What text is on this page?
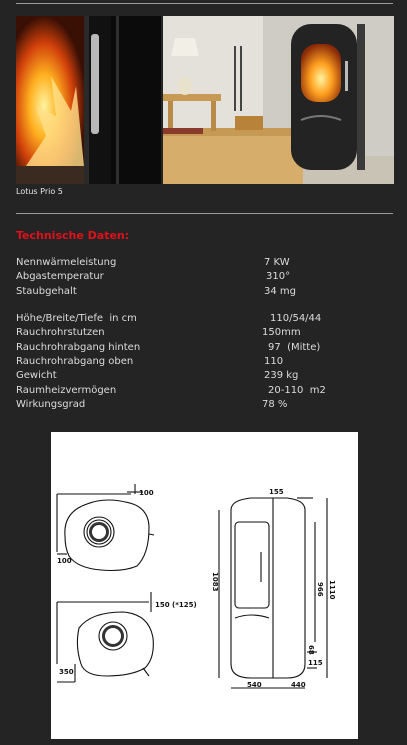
Lotus Prio 5
Technische Daten:
Nennwärmeleistung	7 KW
Abgastemperatur	310°
Staubgehalt	34 mg
Höhe/Breite/Tiefe  in cm	110/54/44
Rauchrohrstutzen	150mm
Rauchrohrabgang hinten	97  (Mitte)
Rauchrohrabgang oben	110
Gewicht	239 kg
Raumheizvermögen	20-110  m2
Wirkungsgrad	78 %
100
100
150 (*125)
350
155
1083	966 1110
68
115
540	440
